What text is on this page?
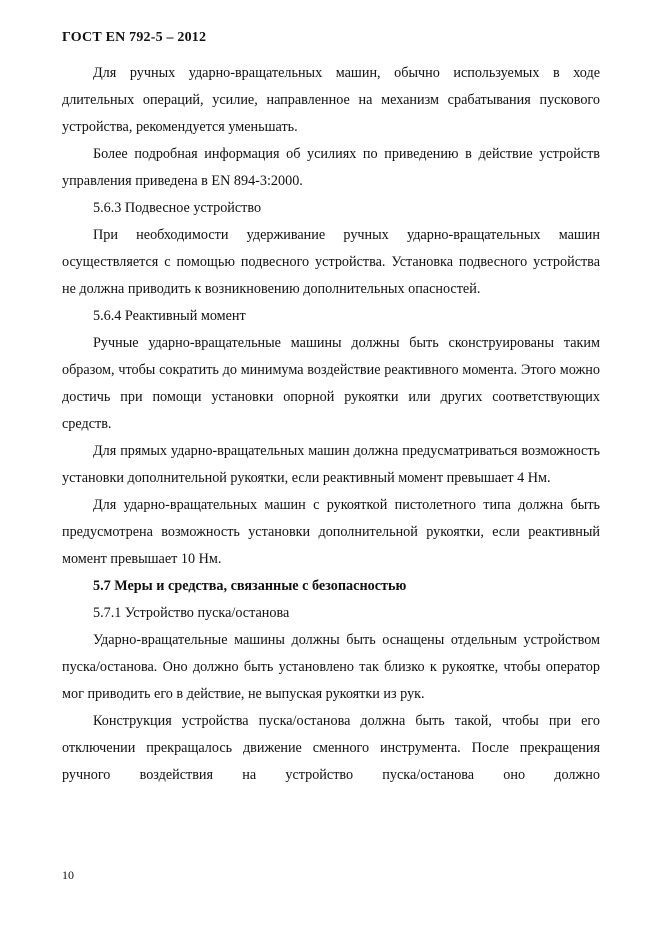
ГОСТ EN 792-5 – 2012

Для ручных ударно-вращательных машин, обычно используемых в ходе длительных операций, усилие, направленное на механизм срабатывания пускового устройства, рекомендуется уменьшать.

Более подробная информация об усилиях по приведению в действие устройств управления приведена в EN 894-3:2000.

5.6.3 Подвесное устройство

При необходимости удерживание ручных ударно-вращательных машин осуществляется с помощью подвесного устройства. Установка подвесного устройства не должна приводить к возникновению дополнительных опасностей.

5.6.4 Реактивный момент

Ручные ударно-вращательные машины должны быть сконструированы таким образом, чтобы сократить до минимума воздействие реактивного момента. Этого можно достичь при помощи установки опорной рукоятки или других соответствующих средств.

Для прямых ударно-вращательных машин должна предусматриваться возможность установки дополнительной рукоятки, если реактивный момент превышает 4 Нм.

Для ударно-вращательных машин с рукояткой пистолетного типа должна быть предусмотрена возможность установки дополнительной рукоятки, если реактивный момент превышает 10 Нм.

5.7 Меры и средства, связанные с безопасностью

5.7.1 Устройство пуска/останова

Ударно-вращательные машины должны быть оснащены отдельным устройством пуска/останова. Оно должно быть установлено так близко к рукоятке, чтобы оператор мог приводить его в действие, не выпуская рукоятки из рук.

Конструкция устройства пуска/останова должна быть такой, чтобы при его отключении прекращалось движение сменного инструмента. После прекращения ручного воздействия на устройство пуска/останова оно должно

10
